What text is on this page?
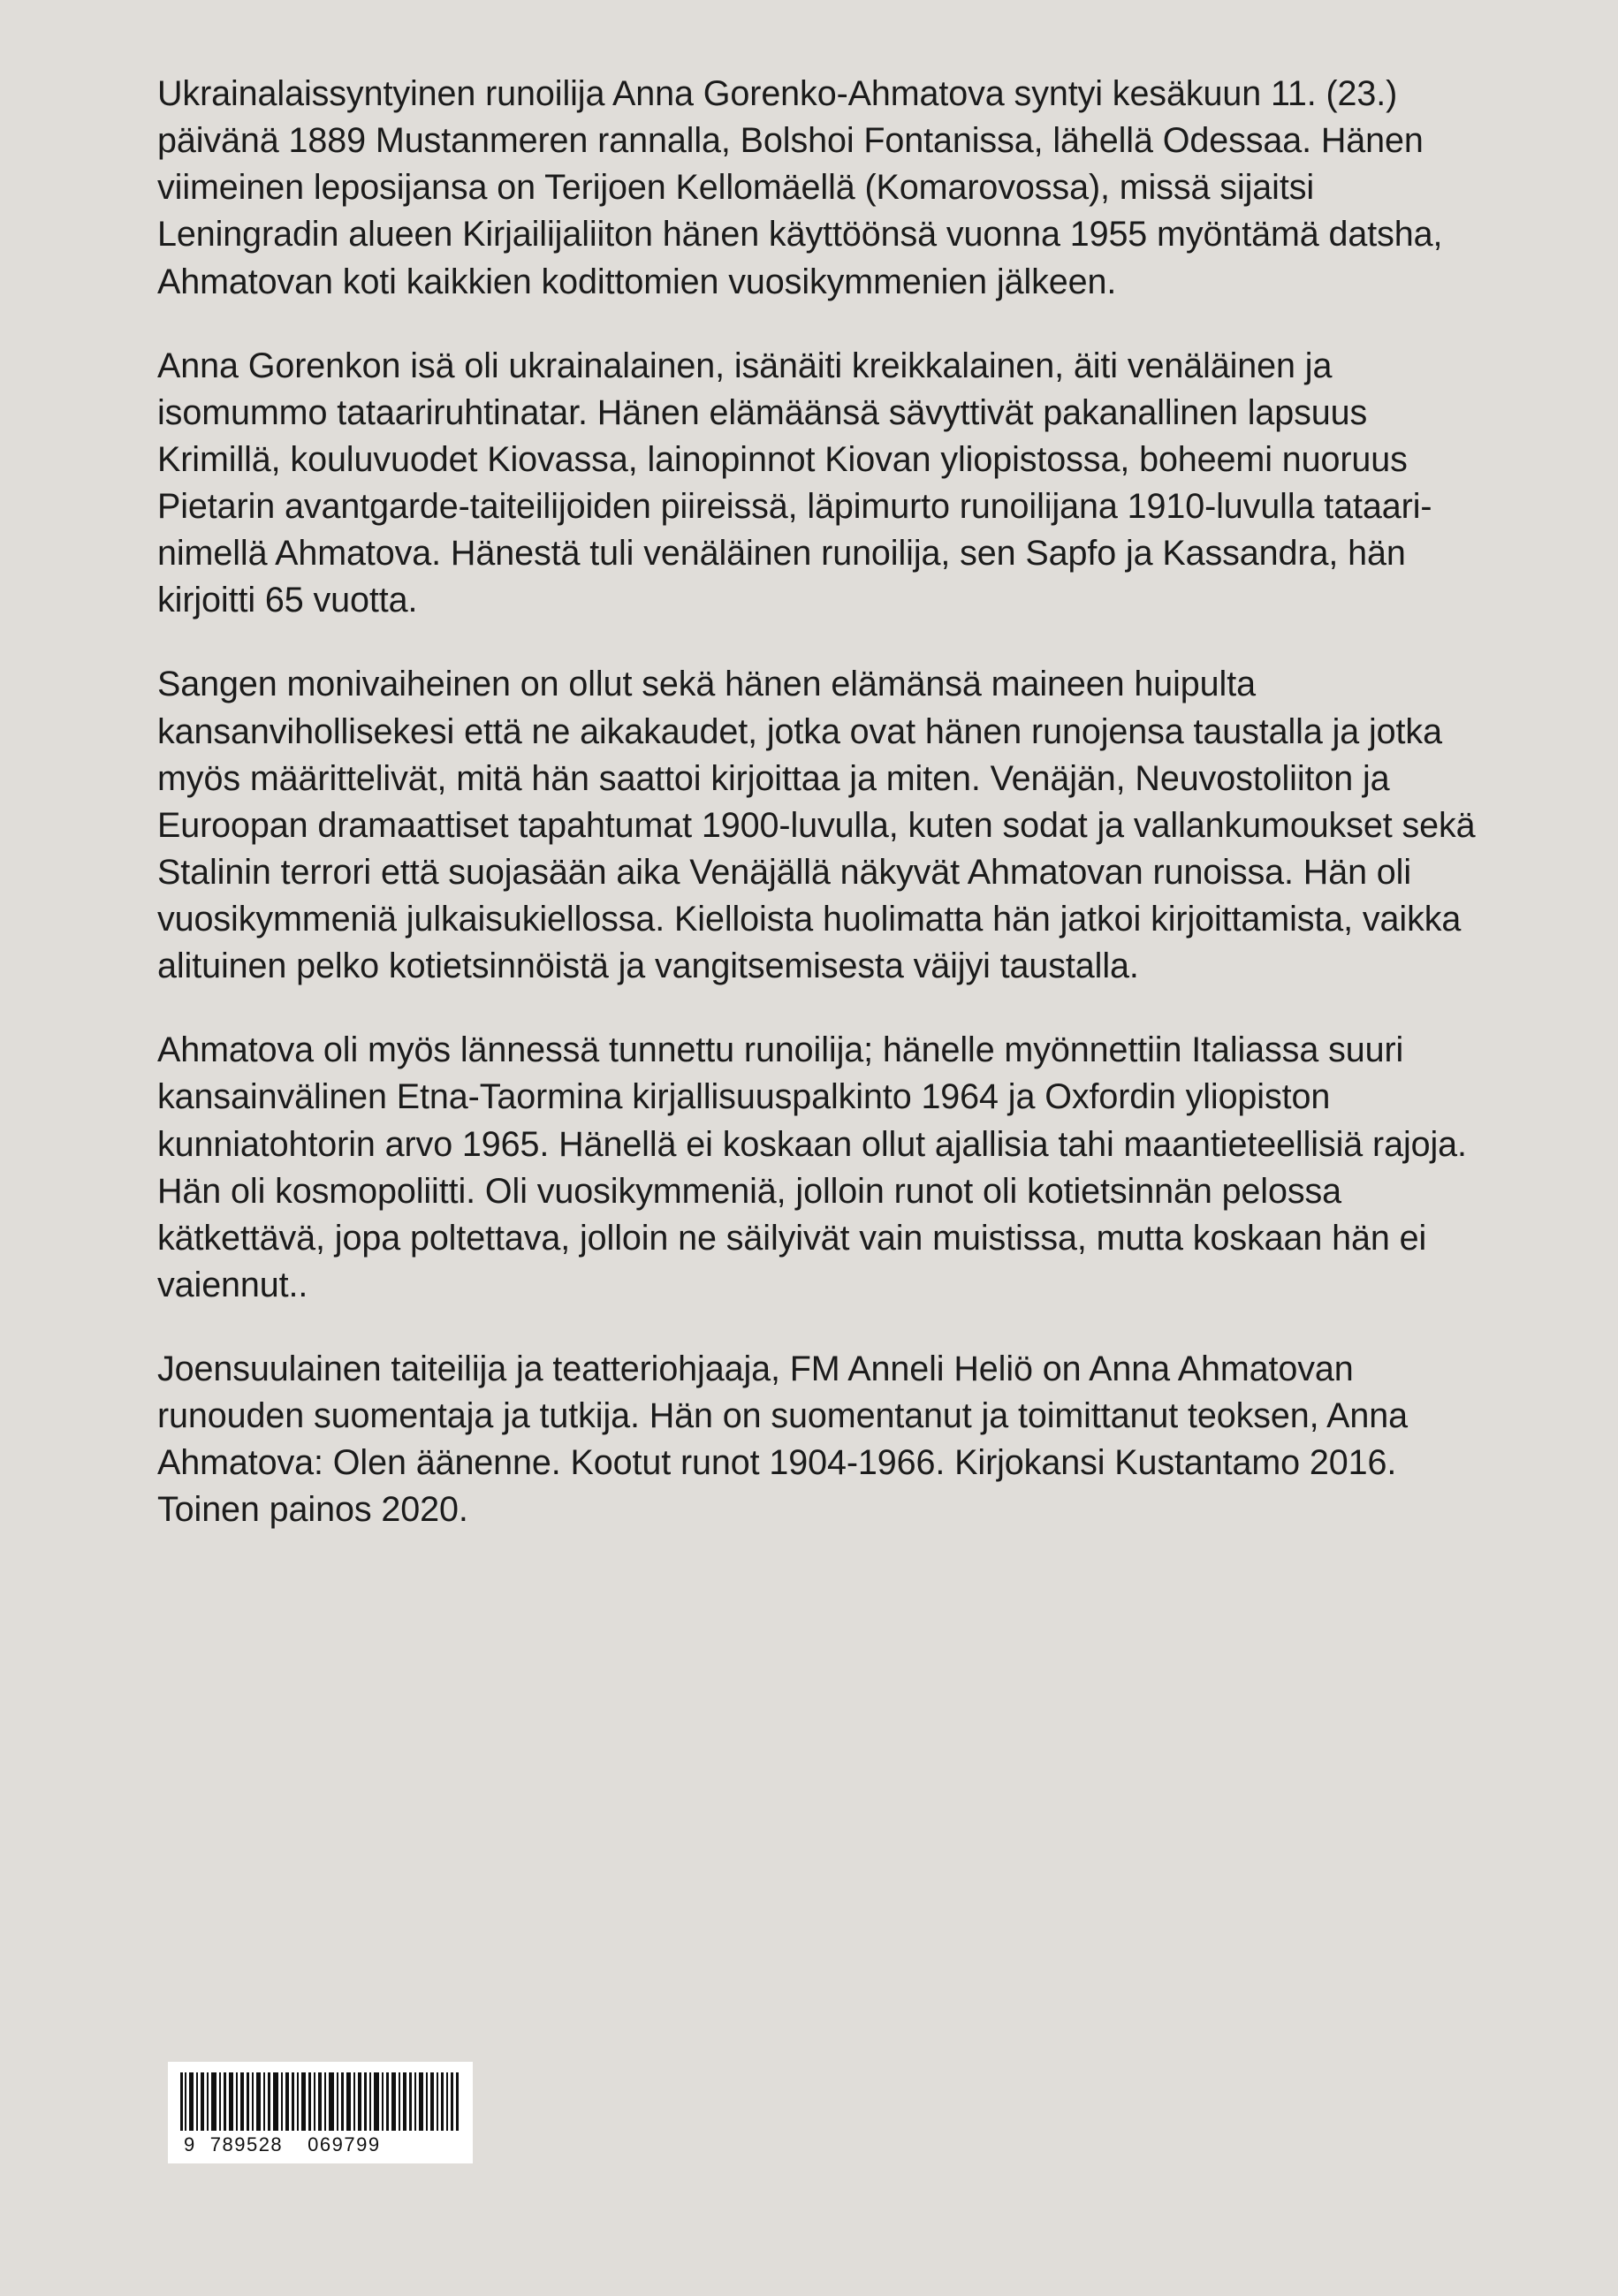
Ukrainalaissyntyinen runoilija Anna Gorenko-Ahmatova syntyi kesäkuun 11. (23.) päivänä 1889 Mustanmeren rannalla, Bolshoi Fontanissa, lähellä Odessaa. Hänen viimeinen leposijansa on Terijoen Kellomäellä (Komarovossa), missä sijaitsi Leningradin alueen Kirjailijaliiton hänen käyttöönsä vuonna 1955 myöntämä datsha, Ahmatovan koti kaikkien kodittomien vuosikymmenien jälkeen.

Anna Gorenkon isä oli ukrainalainen, isänäiti kreikkalainen, äiti venäläinen ja isomummo tataariruhtinatar. Hänen elämäänsä sävyttivät pakanallinen lapsuus Krimillä, kouluvuodet Kiovassa, lainopinnot Kiovan yliopistossa, boheemi nuoruus Pietarin avantgarde-taiteilijoiden piireissä, läpimurto runoilijana 1910-luvulla tataari-nimellä Ahmatova. Hänestä tuli venäläinen runoilija, sen Sapfo ja Kassandra, hän kirjoitti 65 vuotta.

Sangen monivaiheinen on ollut sekä hänen elämänsä maineen huipulta kansanvihollisekesi että ne aikakaudet, jotka ovat hänen runojensa taustalla ja jotka myös määrittelivät, mitä hän saattoi kirjoittaa ja miten. Venäjän, Neuvostoliiton ja Euroopan dramaattiset tapahtumat 1900-luvulla, kuten sodat ja vallankumoukset sekä Stalinin terrori että suojasään aika Venäjällä näkyvät Ahmatovan runoissa. Hän oli vuosikymmeniä julkaisukiellossa. Kielloista huolimatta hän jatkoi kirjoittamista, vaikka alituinen pelko kotietsinnöistä ja vangitsemisesta väijyi taustalla.

Ahmatova oli myös lännessä tunnettu runoilija; hänelle myönnettiin Italiassa suuri kansainvälinen Etna-Taormina kirjallisuuspalkinto 1964 ja Oxfordin yliopiston kunniatohtorin arvo 1965. Hänellä ei koskaan ollut ajallisia tahi maantieteellisiä rajoja. Hän oli kosmopoliitti. Oli vuosikymmeniä, jolloin runot oli kotietsinnän pelossa kätkettävä, jopa poltettava, jolloin ne säilyivät vain muistissa, mutta koskaan hän ei vaiennut..

Joensuulainen taiteilija ja teatteriohjaaja, FM Anneli Heliö on Anna Ahmatovan runouden suomentaja ja tutkija. Hän on suomentanut ja toimittanut teoksen, Anna Ahmatova: Olen äänenne. Kootut runot 1904-1966. Kirjokansi Kustantamo 2016. Toinen painos 2020.

9 789528 069799
